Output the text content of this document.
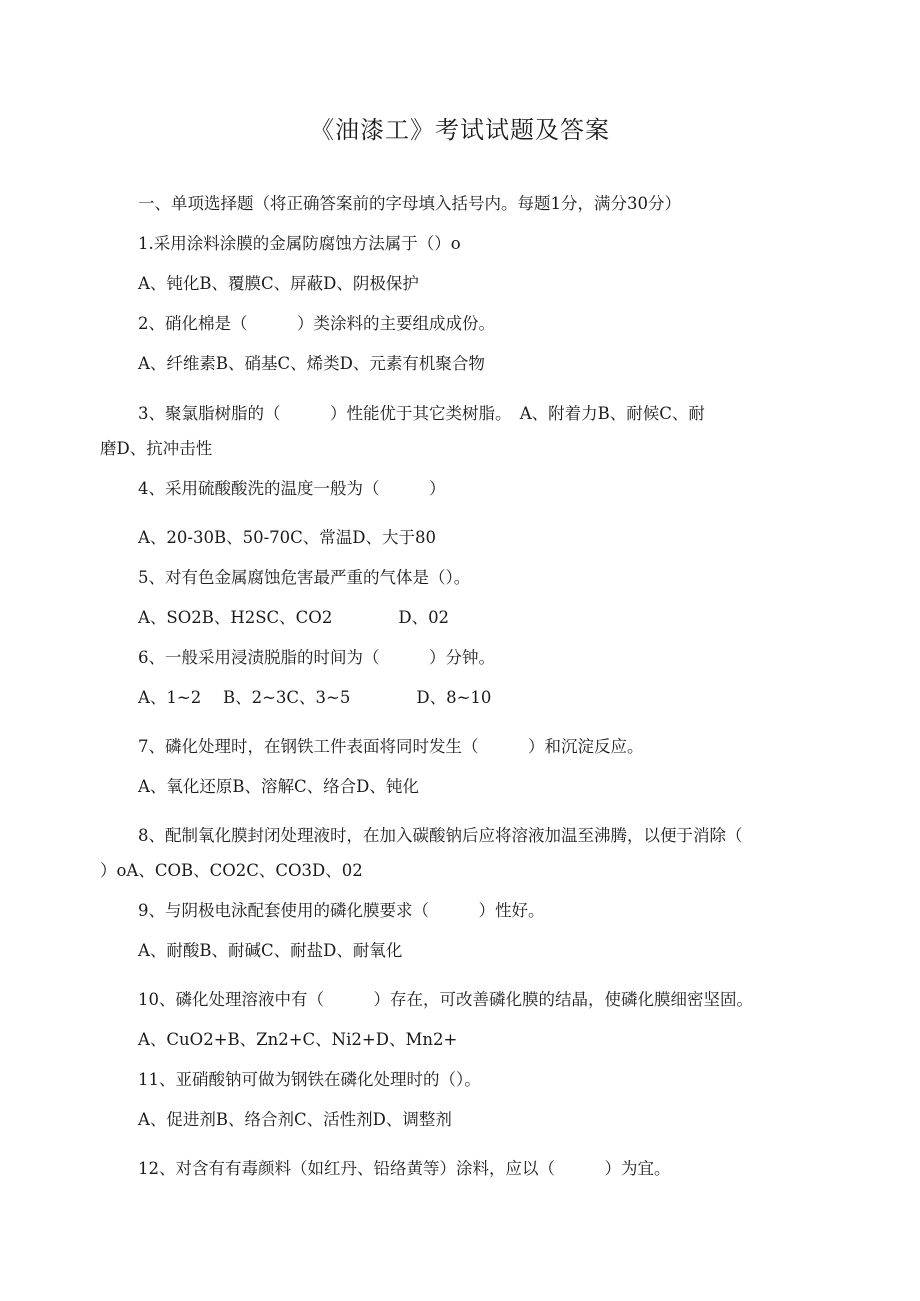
《油漆工》考试试题及答案
一、单项选择题（将正确答案前的字母填入括号内。每题1分，满分30分）
1.采用涂料涂膜的金属防腐蚀方法属于（）o
A、钝化B、覆膜C、屏蔽D、阴极保护
2、硝化棉是（　　　）类涂料的主要组成成份。
A、纤维素B、硝基C、烯类D、元素有机聚合物
3、聚氯脂树脂的（　　　）性能优于其它类树脂。　A、附着力B、耐候C、耐
磨D、抗冲击性
4、采用硫酸酸洗的温度一般为（　　　）
A、20-30B、50-70C、常温D、大于80
5、对有色金属腐蚀危害最严重的气体是（）。
A、SO2B、H2SC、CO2　　　　D、02
6、一般采用浸渍脱脂的时间为（　　　）分钟。
A、1~2　 B、2~3C、3~5　　　　D、8~10
7、磷化处理时，在钢铁工件表面将同时发生（　　　）和沉淀反应。
A、氧化还原B、溶解C、络合D、钝化
8、配制氧化膜封闭处理液时，在加入碳酸钠后应将溶液加温至沸腾，以便于消除（
）oA、COB、CO2C、CO3D、02
9、与阴极电泳配套使用的磷化膜要求（　　　）性好。
A、耐酸B、耐碱C、耐盐D、耐氧化
10、磷化处理溶液中有（　　　）存在，可改善磷化膜的结晶，使磷化膜细密坚固。
A、CuO2+B、Zn2+C、Ni2+D、Mn2+
11、亚硝酸钠可做为钢铁在磷化处理时的（）。
A、促进剂B、络合剂C、活性剂D、调整剂
12、对含有有毒颜料（如红丹、铅络黄等）涂料，应以（　　　）为宜。
